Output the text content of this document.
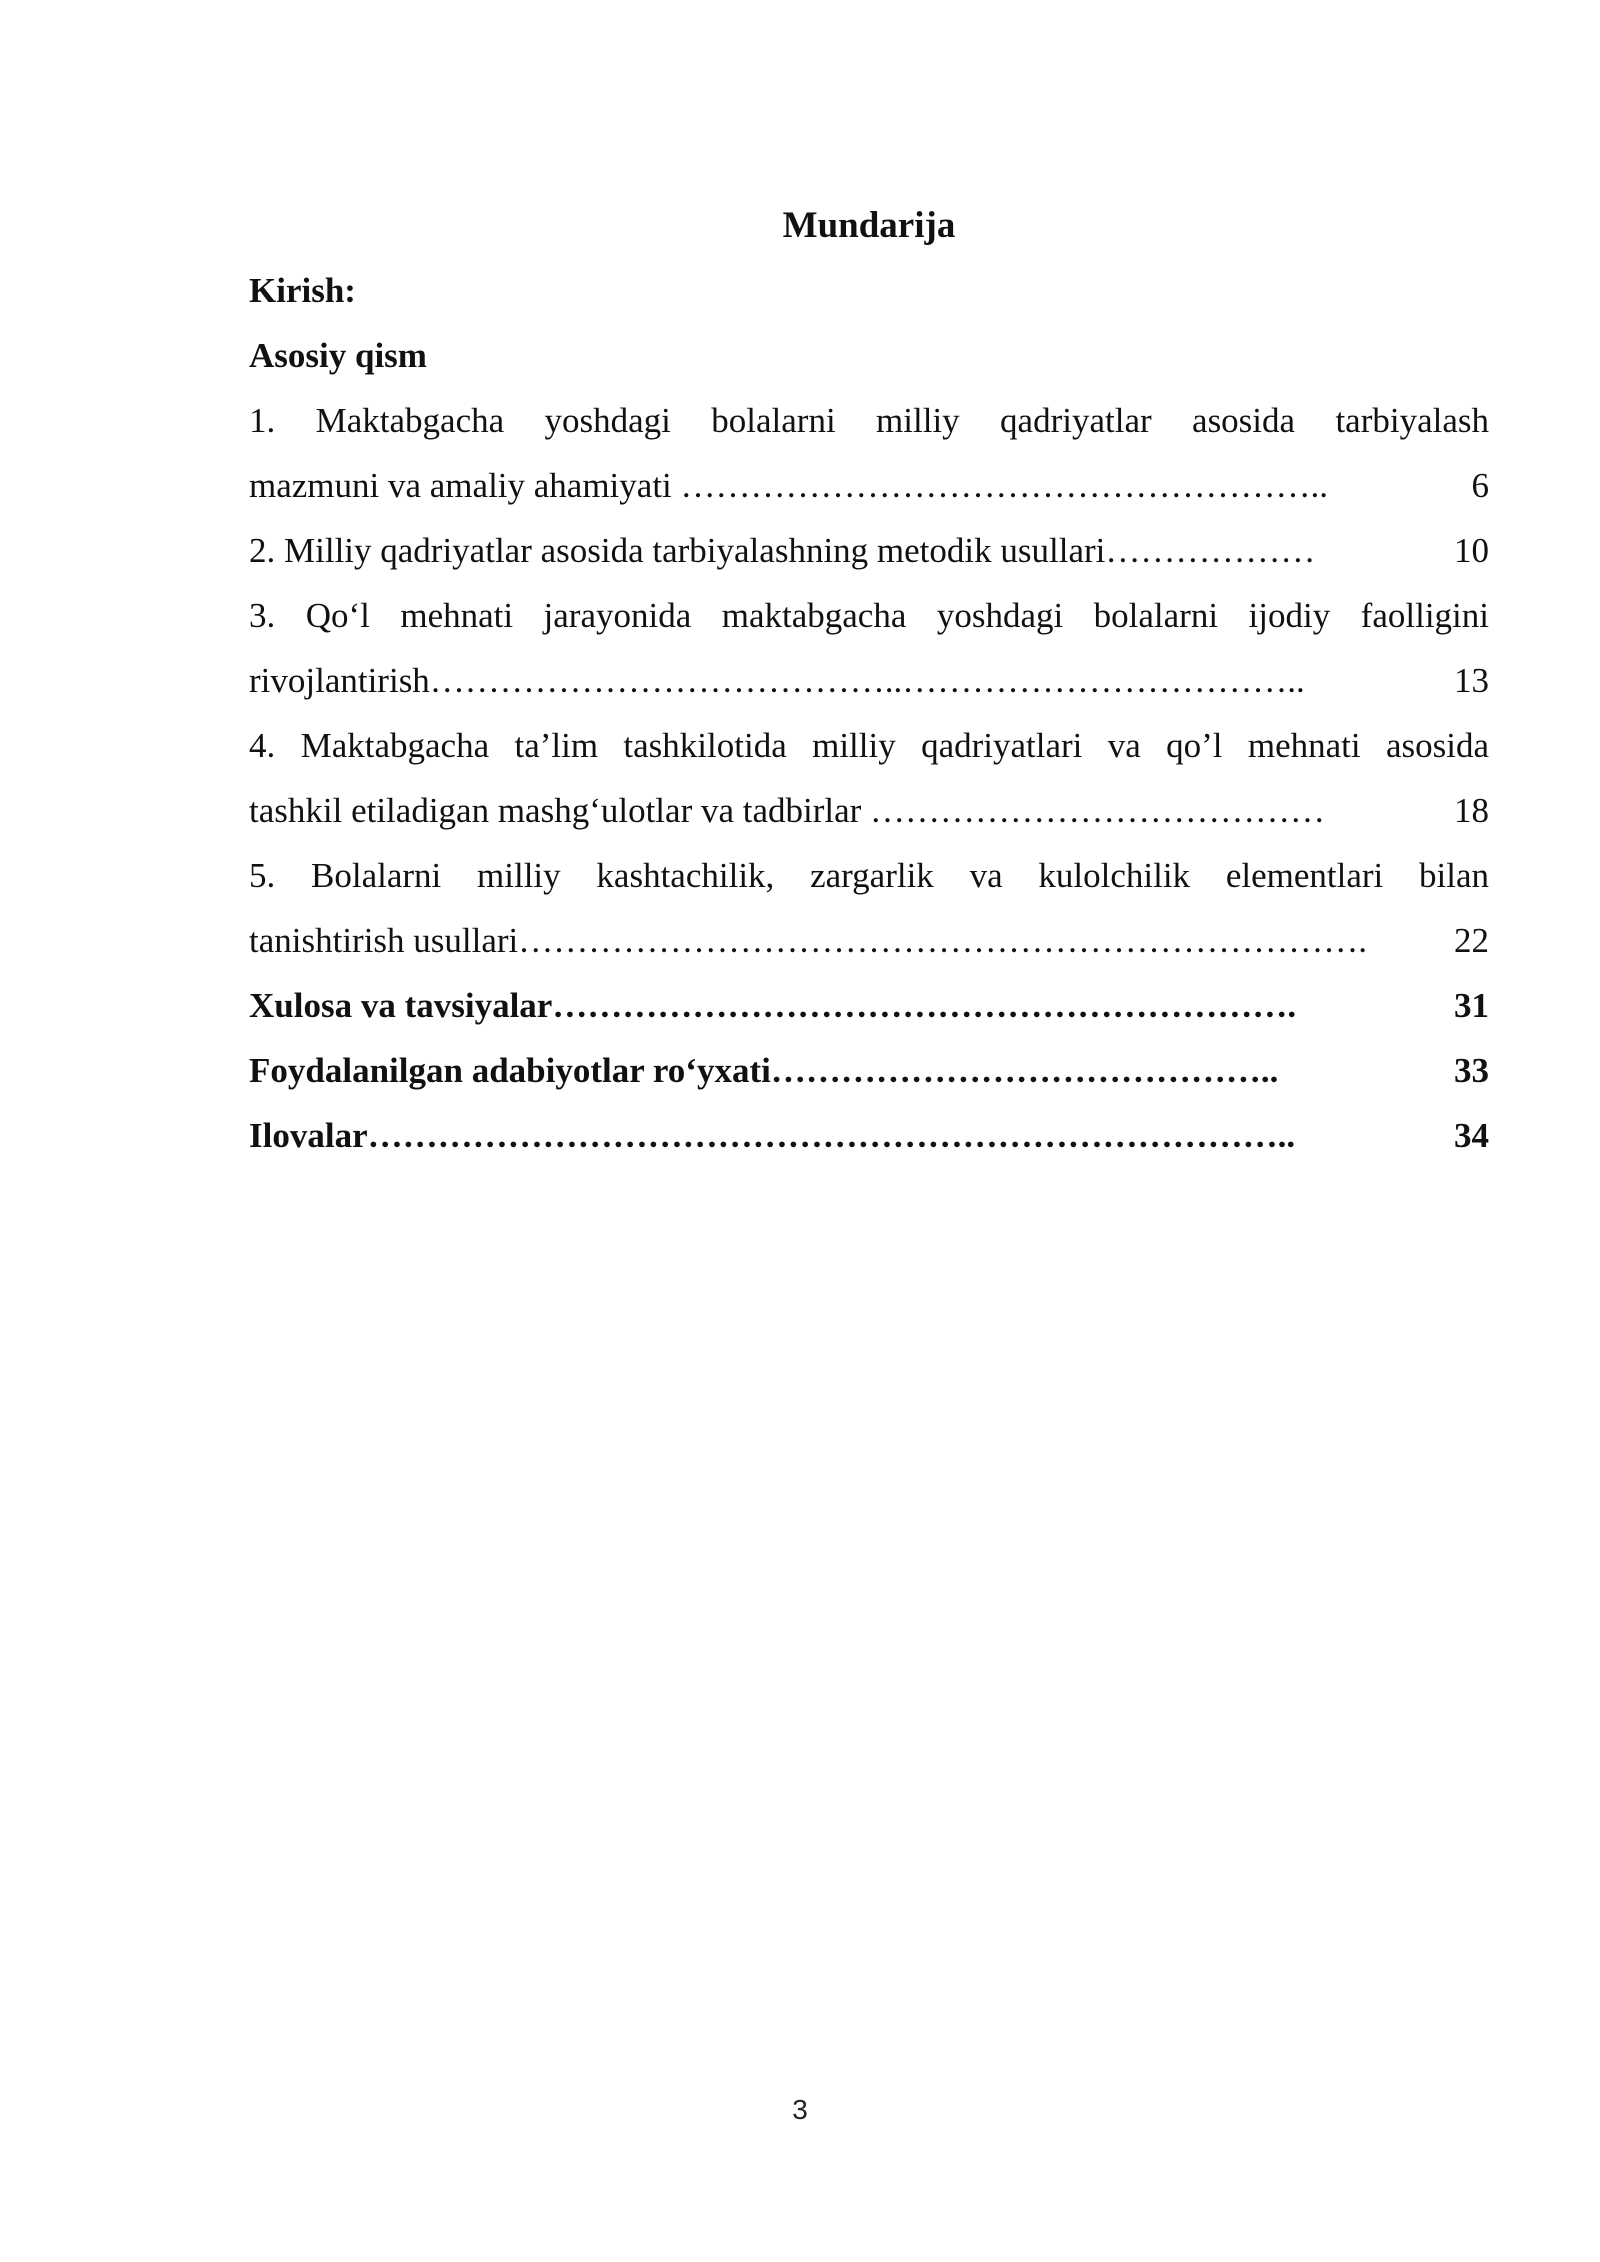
Mundarija
Kirish:
Asosiy qism
1. Maktabgacha yoshdagi bolalarni milliy qadriyatlar asosida tarbiyalash
mazmuni va amaliy ahamiyati ………………………………………………..	6
2. Milliy qadriyatlar asosida tarbiyalashning metodik usullari………………	10
3. Qo‘l mehnati jarayonida maktabgacha yoshdagi bolalarni ijodiy faolligini
rivojlantirish…………………………………..……………………………..	13
4. Maktabgacha ta’lim tashkilotida milliy qadriyatlari va qo’l mehnati asosida
tashkil etiladigan mashg‘ulotlar va tadbirlar …………………………………	18
5. Bolalarni milliy kashtachilik, zargarlik va kulolchilik elementlari bilan
tanishtirish usullari………………………………………………………………. 22
Xulosa va tavsiyalar……………………………………………………….	31
Foydalanilgan adabiyotlar ro‘yxati……………………………………..	33
Ilovalar……………………………………………………………………..	34
3
